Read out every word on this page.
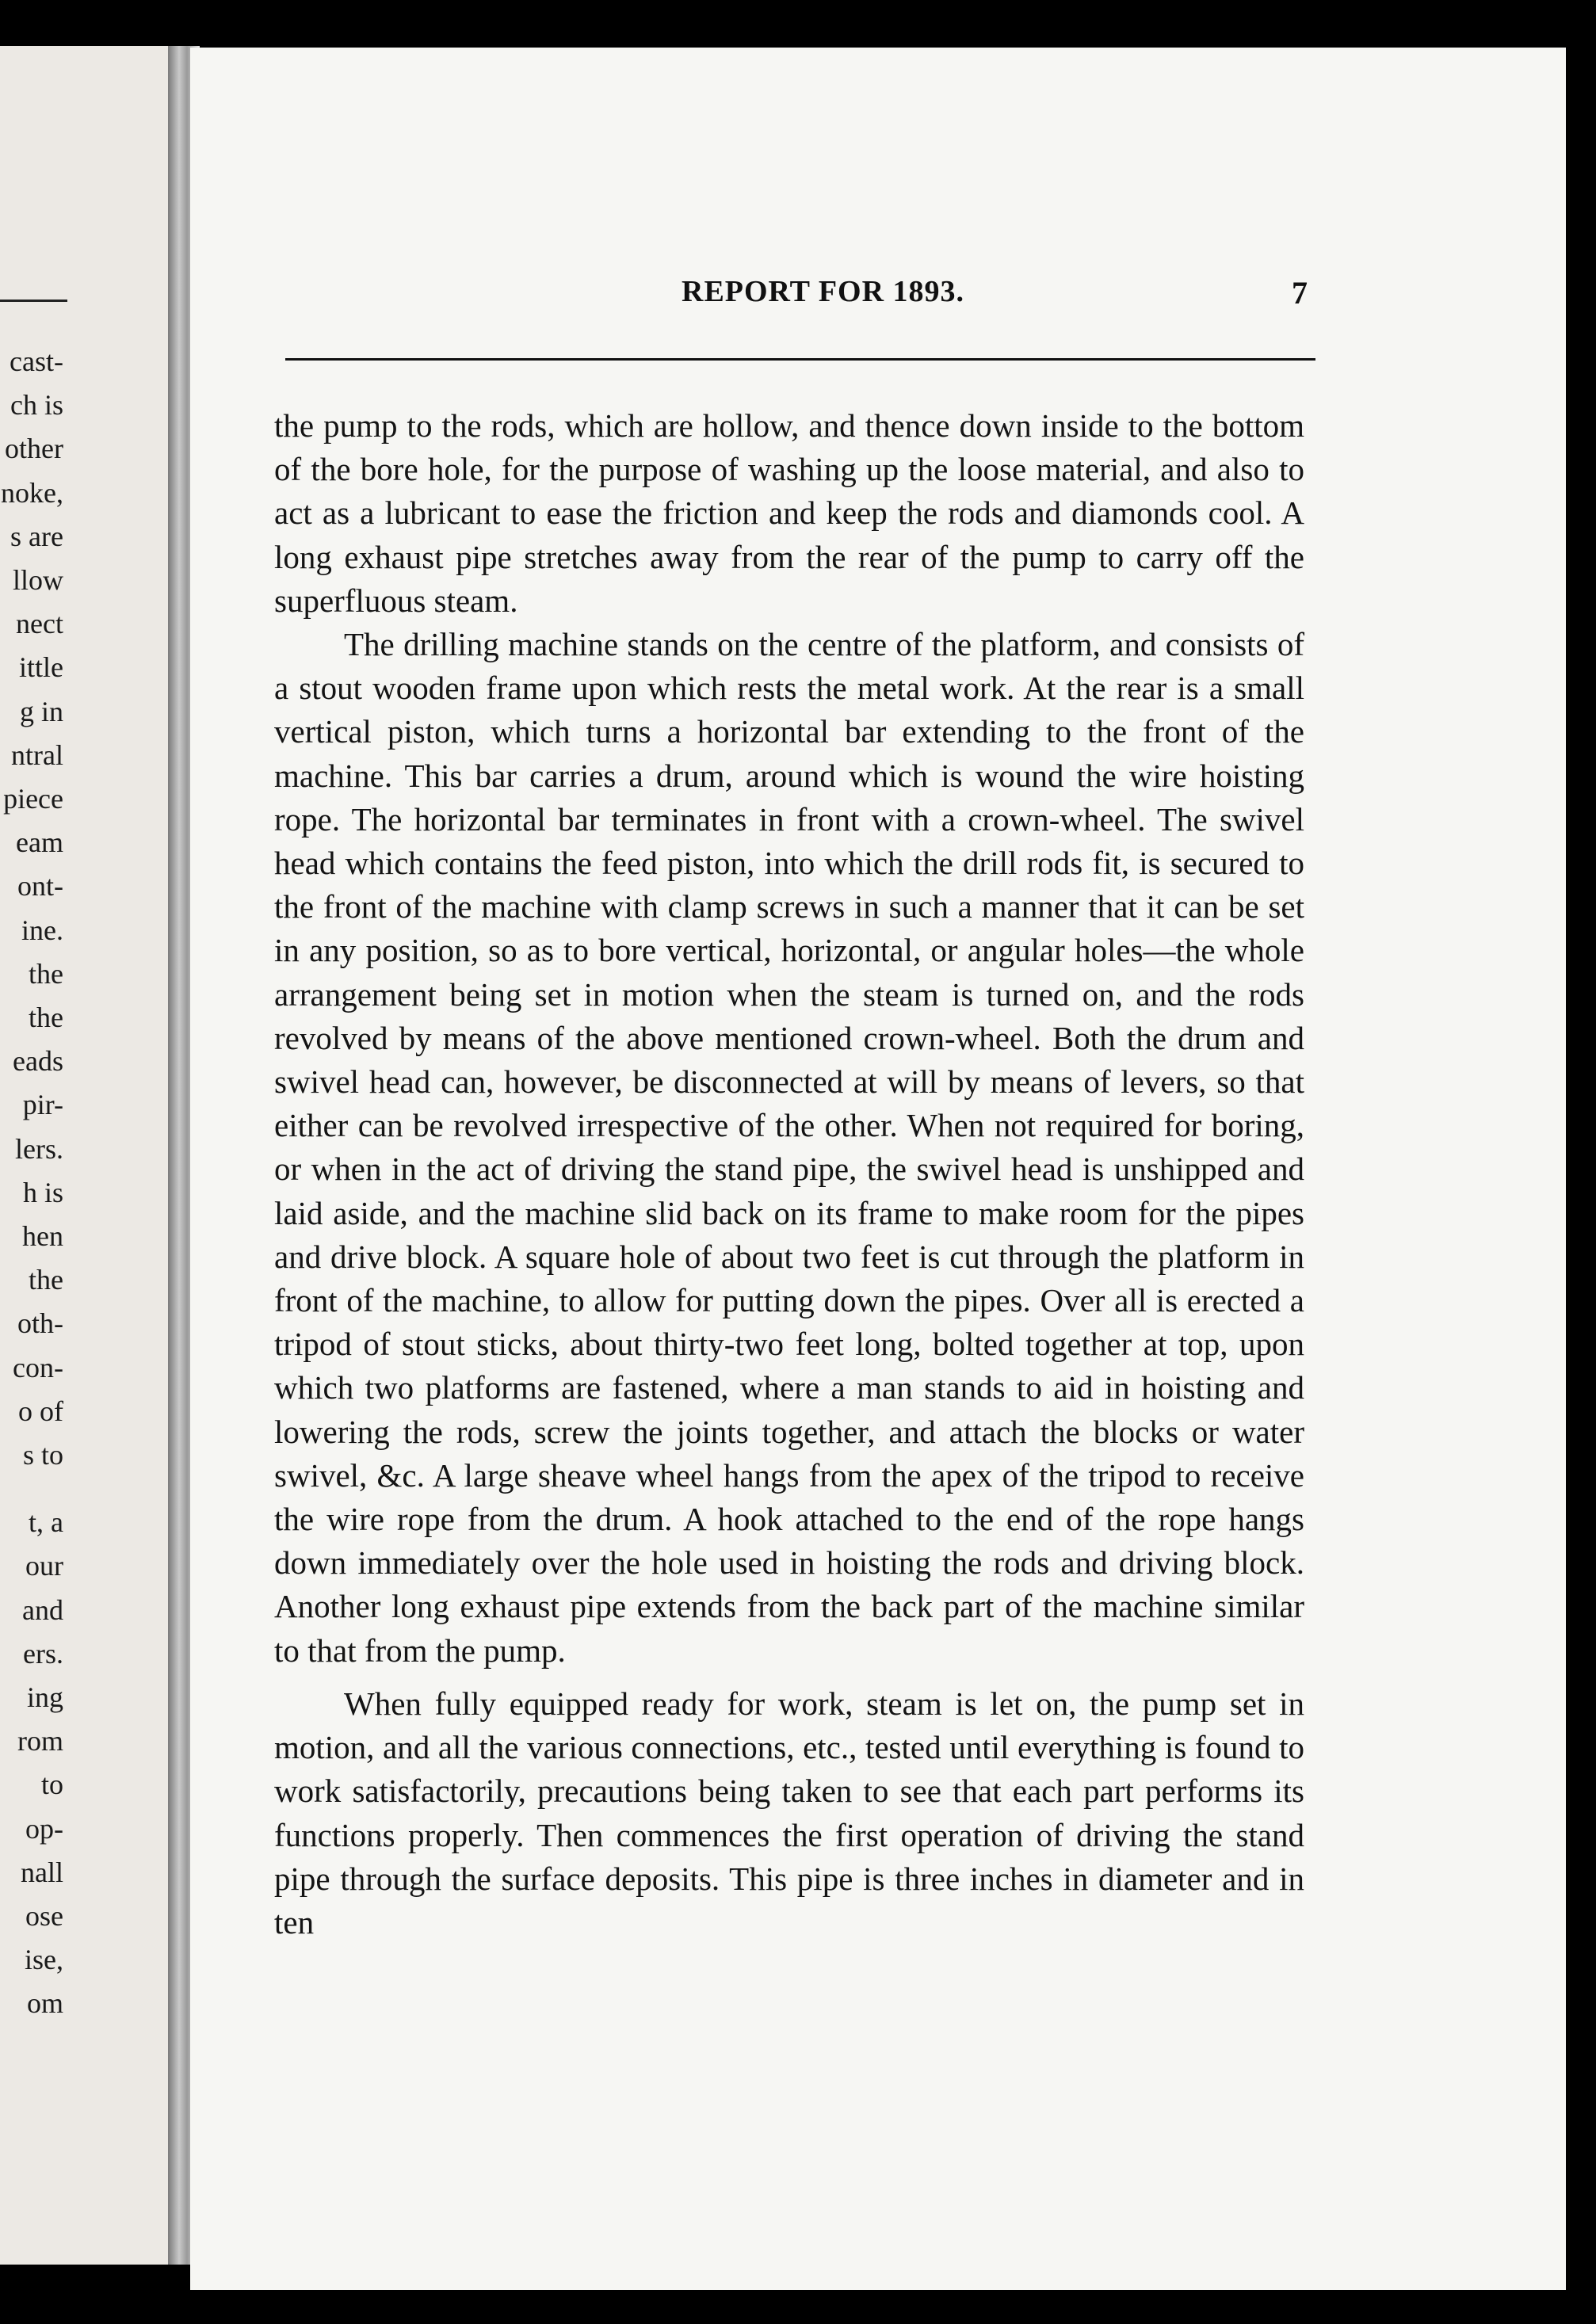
cast-
ch is
other
noke,
s are
llow
nect
ittle
g in
ntral
piece
eam
ont-
ine.
the
the
eads
pir-
lers.
h is
hen
the
oth-
con-
o of
s to
t, a
our
and
ers.
ing
rom
to
op-
nall
ose
ise,
om
REPORT FOR 1893.	7

the pump to the rods, which are hollow, and thence down inside to the bottom of the bore hole, for the purpose of washing up the loose material, and also to act as a lubricant to ease the friction and keep the rods and diamonds cool. A long exhaust pipe stretches away from the rear of the pump to carry off the superfluous steam.

The drilling machine stands on the centre of the platform, and consists of a stout wooden frame upon which rests the metal work. At the rear is a small vertical piston, which turns a horizontal bar extending to the front of the machine. This bar carries a drum, around which is wound the wire hoisting rope. The horizontal bar terminates in front with a crown-wheel. The swivel head which contains the feed piston, into which the drill rods fit, is secured to the front of the machine with clamp screws in such a manner that it can be set in any position, so as to bore vertical, horizontal, or angular holes—the whole arrangement being set in motion when the steam is turned on, and the rods revolved by means of the above mentioned crown-wheel. Both the drum and swivel head can, however, be disconnected at will by means of levers, so that either can be revolved irrespective of the other. When not required for boring, or when in the act of driving the stand pipe, the swivel head is unshipped and laid aside, and the machine slid back on its frame to make room for the pipes and drive block. A square hole of about two feet is cut through the platform in front of the machine, to allow for putting down the pipes. Over all is erected a tripod of stout sticks, about thirty-two feet long, bolted together at top, upon which two platforms are fastened, where a man stands to aid in hoisting and lowering the rods, screw the joints together, and attach the blocks or water swivel, &c. A large sheave wheel hangs from the apex of the tripod to receive the wire rope from the drum. A hook attached to the end of the rope hangs down immediately over the hole used in hoisting the rods and driving block. Another long exhaust pipe extends from the back part of the machine similar to that from the pump.

When fully equipped ready for work, steam is let on, the pump set in motion, and all the various connections, etc., tested until everything is found to work satisfactorily, precautions being taken to see that each part performs its functions properly. Then commences the first operation of driving the stand pipe through the surface deposits. This pipe is three inches in diameter and in ten
